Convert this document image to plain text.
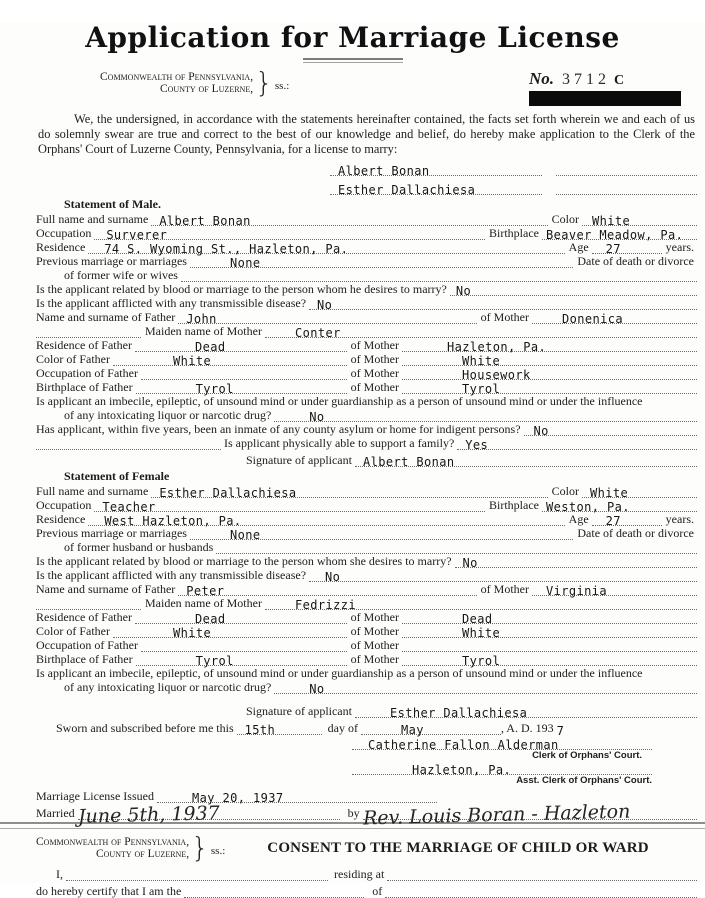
Application for Marriage License
Commonwealth of Pennsylvania,
County of Luzerne, } ss.:	No. 3712 C
We, the undersigned, in accordance with the statements hereinafter contained, the facts set forth wherein we and each of us do solemnly swear are true and correct to the best of our knowledge and belief, do hereby make application to the Clerk of the Orphans' Court of Luzerne County, Pennsylvania, for a license to marry:
Albert Bonan
Esther Dallachiesa
Statement of Male.
Full name and surname Albert Bonan	Color	White
Occupation	Surverer	Birthplace Beaver Meadow, Pa.
Residence	74 S. Wyoming St., Hazleton, Pa.	Age	27	years.
Previous marriage or marriages	None	Date of death or divorce
of former wife or wives
Is the applicant related by blood or marriage to the person whom he desires to marry? No
Is the applicant afflicted with any transmissible disease? No
Name and surname of Father John	of Mother	Donenica
Maiden name of Mother	Conter
Residence of Father	Dead	of Mother	Hazleton, Pa.
Color of Father	White	of Mother	White
Occupation of Father	of Mother	Housework
Birthplace of Father	Tyrol	of Mother	Tyrol
Is applicant an imbecile, epileptic, of unsound mind or under guardianship as a person of unsound mind or under the influence
of any intoxicating liquor or narcotic drug?	No
Has applicant, within five years, been an inmate of any county asylum or home for indigent persons?	No
Is applicant physically able to support a family? Yes
Signature of applicant Albert Bonan
Statement of Female
Full name and surname Esther Dallachiesa	Color White
Occupation Teacher	Birthplace Weston, Pa.
Residence	West Hazleton, Pa.	Age	27	years.
Previous marriage or marriages	None	Date of death or divorce
of former husband or husbands
Is the applicant related by blood or marriage to the person whom she desires to marry? No
Is the applicant afflicted with any transmissible disease?	No
Name and surname of Father Peter	of Mother	Virginia
Maiden name of Mother	Fedrizzi
Residence of Father	Dead	of Mother	Dead
Color of Father	White	of Mother	White
Occupation of Father	of Mother
Birthplace of Father	Tyrol	of Mother	Tyrol
Is applicant an imbecile, epileptic, of unsound mind or under guardianship as a person of unsound mind or under the influence
of any intoxicating liquor or narcotic drug?	No
Signature of applicant	Esther Dallachiesa
Sworn and subscribed before me this 15th	day of	May	, A. D. 193 7
Catherine Fallon Alderman
Clerk of Orphans' Court.
Hazleton, Pa.
Asst. Clerk of Orphans' Court.
Marriage License Issued	May 20, 1937
Married June 5th, 1937	by Rev. Louis Boran - Hazleton
Commonwealth of Pennsylvania,
County of Luzerne, } ss.:	CONSENT TO THE MARRIAGE OF CHILD OR WARD
I,	residing at
do hereby certify that I am the	of
